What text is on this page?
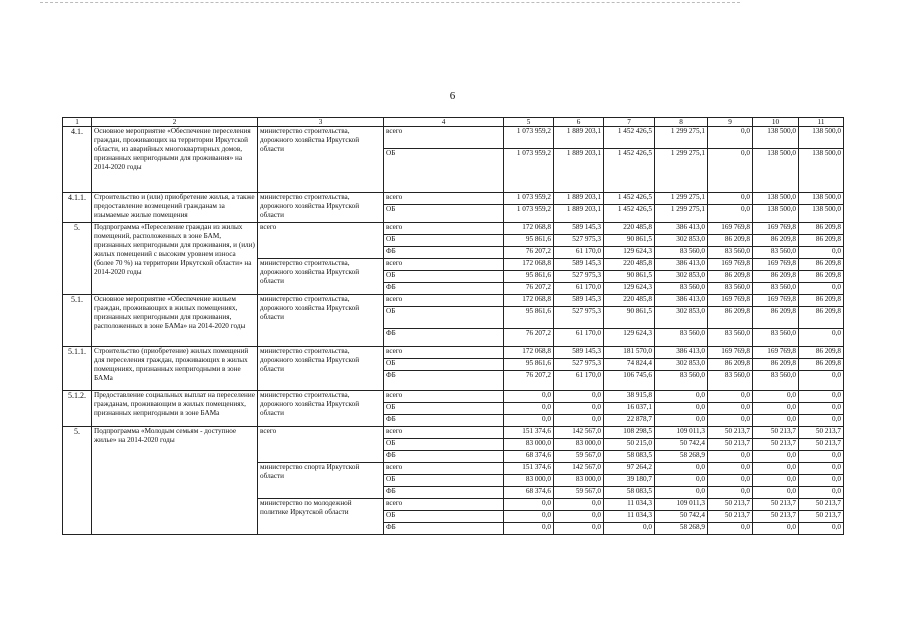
6
1	2	3	4	5	6	7	8	9	10	11
4.1.	Основное мероприятие «Обеспечение переселения граждан, проживающих на территории Иркутской области, из аварийных многоквартирных домов, признанных непригодными для проживания» на 2014-2020 годы	министерство строительства, дорожного хозяйства Иркутской области	всего	1 073 959,2	1 889 203,1	1 452 426,5	1 299 275,1	0,0	138 500,0	138 500,0
			ОБ	1 073 959,2	1 889 203,1	1 452 426,5	1 299 275,1	0,0	138 500,0	138 500,0
4.1.1.	Строительство и (или) приобретение жилья, а также предоставление возмещений гражданам за изымаемые жилые помещения	министерство строительства, дорожного хозяйства Иркутской области	всего	1 073 959,2	1 889 203,1	1 452 426,5	1 299 275,1	0,0	138 500,0	138 500,0
			ОБ	1 073 959,2	1 889 203,1	1 452 426,5	1 299 275,1	0,0	138 500,0	138 500,0
5.	Подпрограмма «Переселение граждан из жилых помещений, расположенных в зоне БАМ, признанных непригодными для проживания, и (или) жилых помещений с высоким уровнем износа (более 70 %) на территории Иркутской области» на 2014-2020 годы	всего	всего	172 068,8	589 145,3	220 485,8	386 413,0	169 769,8	169 769,8	86 209,8
			ОБ	95 861,6	527 975,3	90 861,5	302 853,0	86 209,8	86 209,8	86 209,8
			ФБ	76 207,2	61 170,0	129 624,3	83 560,0	83 560,0	83 560,0	0,0
		министерство строительства, дорожного хозяйства Иркутской области	всего	172 068,8	589 145,3	220 485,8	386 413,0	169 769,8	169 769,8	86 209,8
			ОБ	95 861,6	527 975,3	90 861,5	302 853,0	86 209,8	86 209,8	86 209,8
			ФБ	76 207,2	61 170,0	129 624,3	83 560,0	83 560,0	83 560,0	0,0
5.1.	Основное мероприятие «Обеспечение жильем граждан, проживающих в жилых помещениях, признанных непригодными для проживания, расположенных в зоне БАМа» на 2014-2020 годы	министерство строительства, дорожного хозяйства Иркутской области	всего	172 068,8	589 145,3	220 485,8	386 413,0	169 769,8	169 769,8	86 209,8
			ОБ	95 861,6	527 975,3	90 861,5	302 853,0	86 209,8	86 209,8	86 209,8
			ФБ	76 207,2	61 170,0	129 624,3	83 560,0	83 560,0	83 560,0	0,0
5.1.1.	Строительство (приобретение) жилых помещений для переселения граждан, проживающих в жилых помещениях, признанных непригодными в зоне БАМа	министерство строительства, дорожного хозяйства Иркутской области	всего	172 068,8	589 145,3	181 570,0	386 413,0	169 769,8	169 769,8	86 209,8
			ОБ	95 861,6	527 975,3	74 824,4	302 853,0	86 209,8	86 209,8	86 209,8
			ФБ	76 207,2	61 170,0	106 745,6	83 560,0	83 560,0	83 560,0	0,0
5.1.2.	Предоставление социальных выплат на переселение гражданам, проживающим в жилых помещениях, признанных непригодными в зоне БАМа	министерство строительства, дорожного хозяйства Иркутской области	всего	0,0	0,0	38 915,8	0,0	0,0	0,0	0,0
			ОБ	0,0	0,0	16 037,1	0,0	0,0	0,0	0,0
			ФБ	0,0	0,0	22 878,7	0,0	0,0	0,0	0,0
5.	Подпрограмма «Молодым семьям - доступное жилье» на 2014-2020 годы	всего	всего	151 374,6	142 567,0	108 298,5	109 011,3	50 213,7	50 213,7	50 213,7
			ОБ	83 000,0	83 000,0	50 215,0	50 742,4	50 213,7	50 213,7	50 213,7
			ФБ	68 374,6	59 567,0	58 083,5	58 268,9	0,0	0,0	0,0
		министерство спорта Иркутской области	всего	151 374,6	142 567,0	97 264,2	0,0	0,0	0,0	0,0
			ОБ	83 000,0	83 000,0	39 180,7	0,0	0,0	0,0	0,0
			ФБ	68 374,6	59 567,0	58 083,5	0,0	0,0	0,0	0,0
		министерство по молодежной политике Иркутской области	всего	0,0	0,0	11 034,3	109 011,3	50 213,7	50 213,7	50 213,7
			ОБ	0,0	0,0	11 034,3	50 742,4	50 213,7	50 213,7	50 213,7
			ФБ	0,0	0,0	0,0	58 268,9	0,0	0,0	0,0
